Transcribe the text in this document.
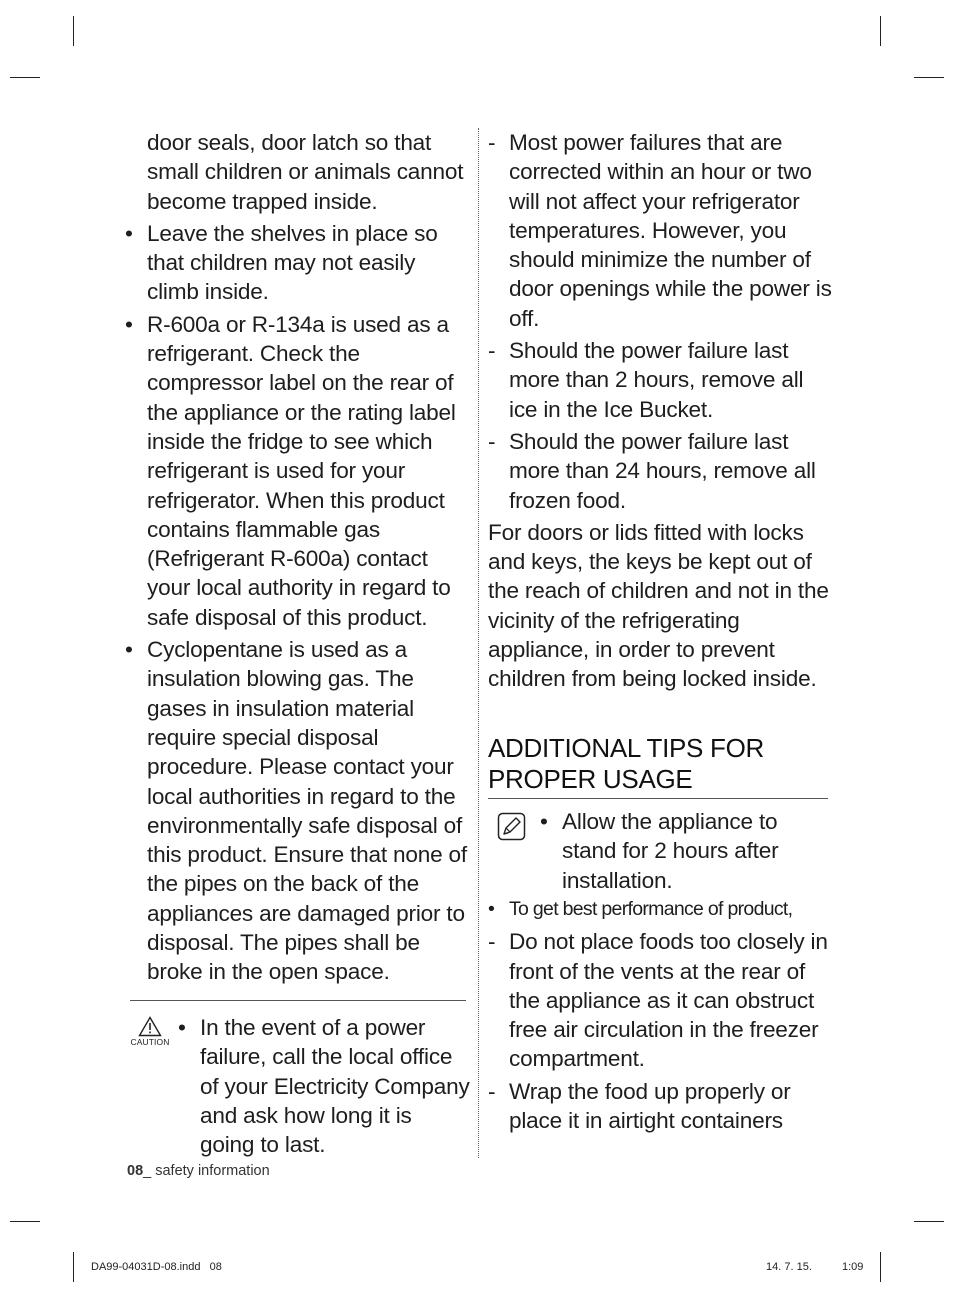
door seals, door latch so that small children or animals cannot become trapped inside.

• Leave the shelves in place so that children may not easily climb inside.
• R-600a or R-134a is used as a refrigerant. Check the compressor label on the rear of the appliance or the rating label inside the fridge to see which refrigerant is used for your refrigerator. When this product contains flammable gas (Refrigerant R-600a) contact your local authority in regard to safe disposal of this product.
• Cyclopentane is used as a insulation blowing gas. The gases in insulation material require special disposal procedure. Please contact your local authorities in regard to the environmentally safe disposal of this product. Ensure that none of the pipes on the back of the appliances are damaged prior to disposal. The pipes shall be broke in the open space.
CAUTION
• In the event of a power failure, call the local office of your Electricity Company and ask how long it is going to last.
- Most power failures that are corrected within an hour or two will not affect your refrigerator temperatures. However, you should minimize the number of door openings while the power is off.
- Should the power failure last more than 2 hours, remove all ice in the Ice Bucket.
- Should the power failure last more than 24 hours, remove all frozen food.

For doors or lids fitted with locks and keys, the keys be kept out of the reach of children and not in the vicinity of the refrigerating appliance, in order to prevent children from being locked inside.

ADDITIONAL TIPS FOR
PROPER USAGE
• Allow the appliance to stand for 2 hours after installation.
• To get best performance of product,
- Do not place foods too closely in front of the vents at the rear of the appliance as it can obstruct free air circulation in the freezer compartment.
- Wrap the food up properly or place it in airtight containers
08_ safety information
DA99-04031D-08.indd   08	14. 7. 15.	1:09
